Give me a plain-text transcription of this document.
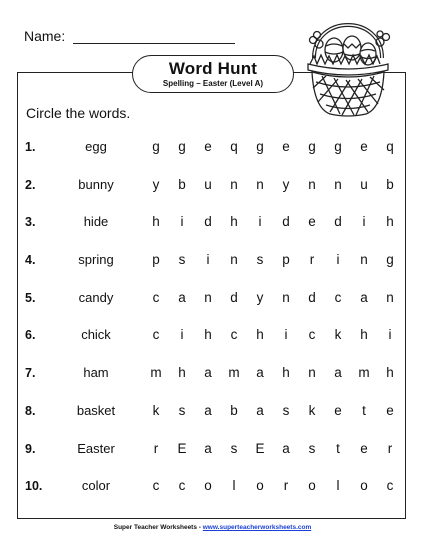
Name:
Word Hunt
Spelling – Easter (Level A)
Circle the words.
1.	egg	g g e q g e g g e q
2.	bunny	y b u n n y n n u b
3.	hide	h	i	d h	i	d e d	i	h
4.	spring	p s	i	n s p	r	i	n g
5.	candy	c a n d y n d c a n
6.	chick	c	i	h c h	i	c k h	i
7.	ham	m h a m a h n a m h
8.	basket	k s a b a s k e	t	e
9.	Easter	r	E a s E a s	t	e	r
10.	color	c c o	l	o	r	o	l	o c
Super Teacher Worksheets - www.superteacherworksheets.com
